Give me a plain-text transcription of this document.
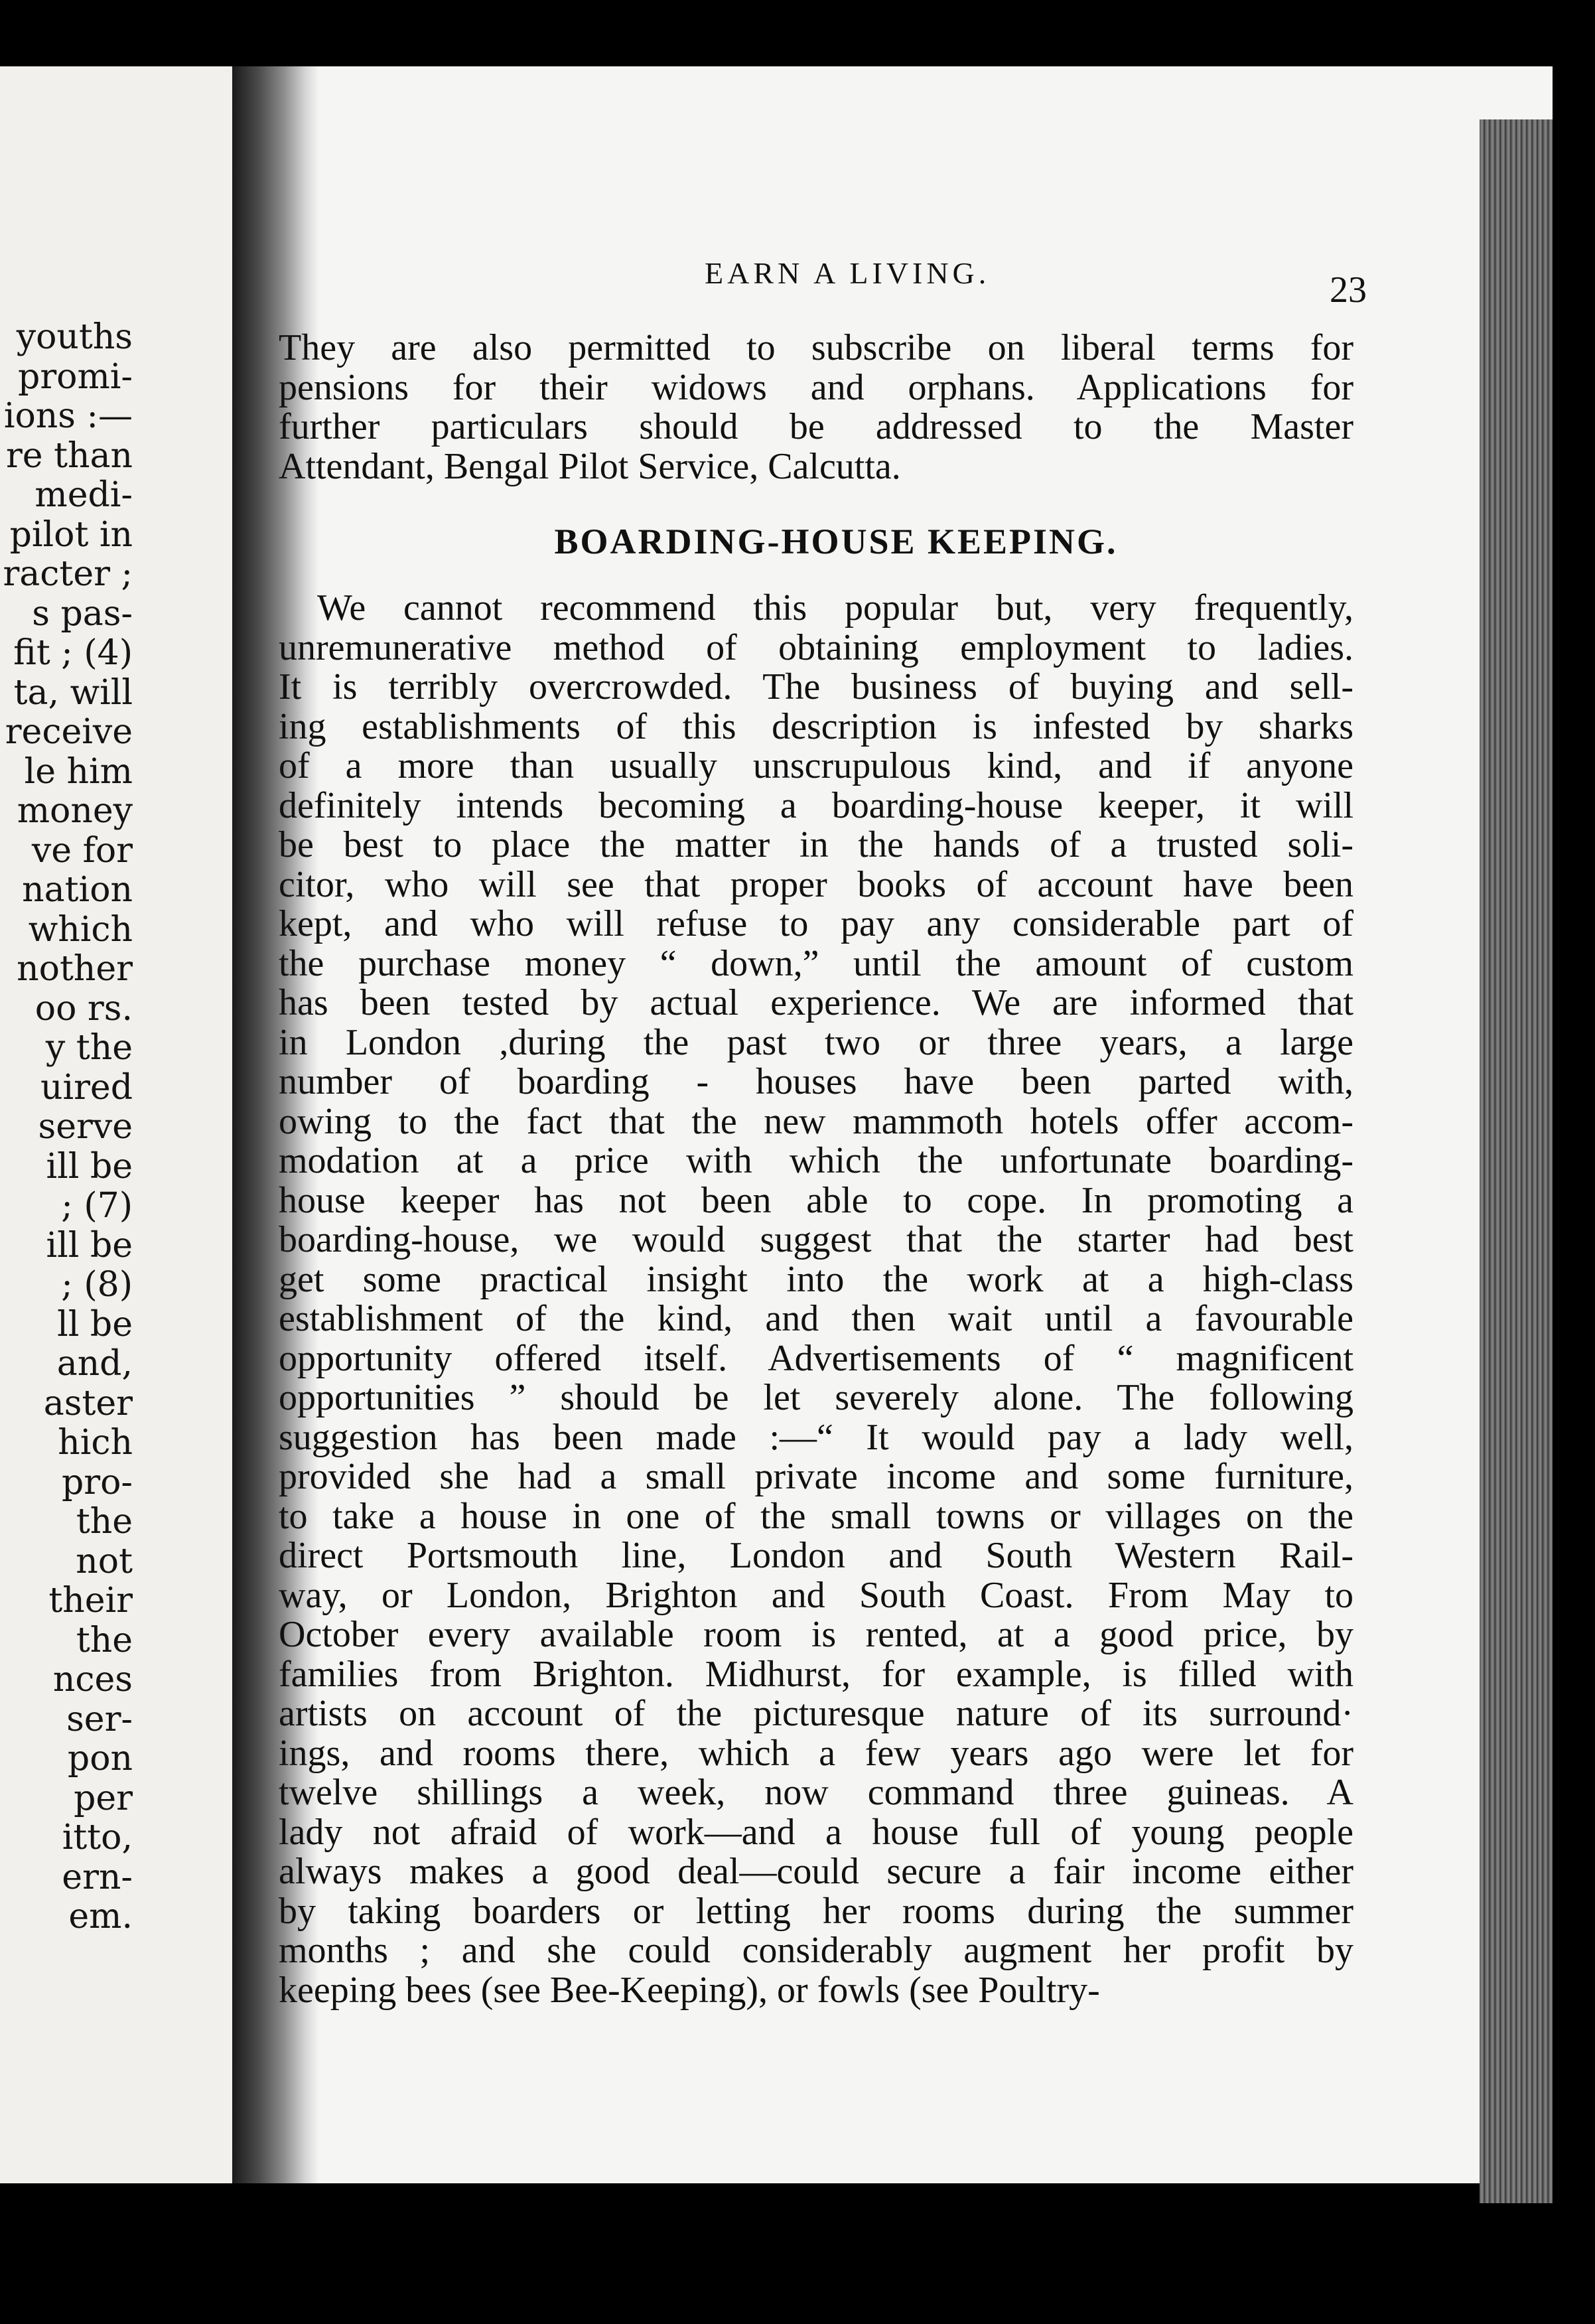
youths
promi-
ions :—
re than
medi-
pilot in
racter ;
s pas-
fit ; (4)
ta, will
receive
le him
money
ve for
nation
which
nother
oo rs.
y the
uired
serve
ill be
; (7)
ill be
; (8)
ll be
and,
aster
hich
pro-
the
not
their
the
nces
ser-
pon
per
itto,
ern-
em.
EARN A LIVING.	23
They are also permitted to subscribe on liberal terms for
pensions for their widows and orphans. Applications for
further particulars should be addressed to the Master
Attendant, Bengal Pilot Service, Calcutta.
BOARDING-HOUSE KEEPING.
We cannot recommend this popular but, very frequently,
unremunerative method of obtaining employment to ladies.
It is terribly overcrowded. The business of buying and sell-
ing establishments of this description is infested by sharks
of a more than usually unscrupulous kind, and if anyone
definitely intends becoming a boarding-house keeper, it will
be best to place the matter in the hands of a trusted soli-
citor, who will see that proper books of account have been
kept, and who will refuse to pay any considerable part of
the purchase money “ down,” until the amount of custom
has been tested by actual experience. We are informed that
in London ,during the past two or three years, a large
number of boarding - houses have been parted with,
owing to the fact that the new mammoth hotels offer accom-
modation at a price with which the unfortunate boarding-
house keeper has not been able to cope. In promoting a
boarding-house, we would suggest that the starter had best
get some practical insight into the work at a high-class
establishment of the kind, and then wait until a favourable
opportunity offered itself. Advertisements of “ magnificent
opportunities ” should be let severely alone. The following
suggestion has been made :—“ It would pay a lady well,
provided she had a small private income and some furniture,
to take a house in one of the small towns or villages on the
direct Portsmouth line, London and South Western Rail-
way, or London, Brighton and South Coast. From May to
October every available room is rented, at a good price, by
families from Brighton. Midhurst, for example, is filled with
artists on account of the picturesque nature of its surround·
ings, and rooms there, which a few years ago were let for
twelve shillings a week, now command three guineas. A
lady not afraid of work—and a house full of young people
always makes a good deal—could secure a fair income either
by taking boarders or letting her rooms during the summer
months ; and she could considerably augment her profit by
keeping bees (see Bee-Keeping), or fowls (see Poultry-
